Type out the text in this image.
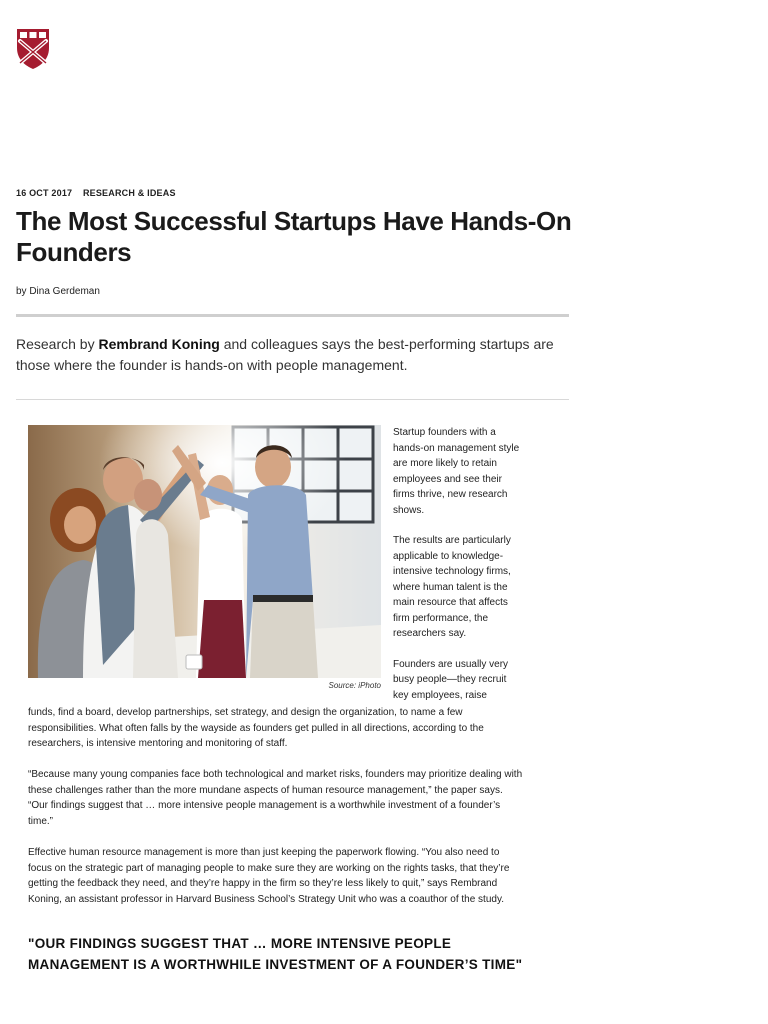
16 OCT 2017 RESEARCH & IDEAS
The Most Successful Startups Have Hands-On Founders
by Dina Gerdeman

Research by Rembrand Koning and colleagues says the best-performing startups are those where the founder is hands-on with people management.

Source: iPhoto

Startup founders with a hands-on management style are more likely to retain employees and see their firms thrive, new research shows.

The results are particularly applicable to knowledge-intensive technology firms, where human talent is the main resource that affects firm performance, the researchers say.

Founders are usually very busy people—they recruit key employees, raise

funds, find a board, develop partnerships, set strategy, and design the organization, to name a few responsibilities. What often falls by the wayside as founders get pulled in all directions, according to the researchers, is intensive mentoring and monitoring of staff.

“Because many young companies face both technological and market risks, founders may prioritize dealing with these challenges rather than the more mundane aspects of human resource management,” the paper says. “Our findings suggest that … more intensive people management is a worthwhile investment of a founder’s time.”

Effective human resource management is more than just keeping the paperwork flowing. “You also need to focus on the strategic part of managing people to make sure they are working on the rights tasks, that they’re getting the feedback they need, and they’re happy in the firm so they’re less likely to quit,” says Rembrand Koning, an assistant professor in Harvard Business School’s Strategy Unit who was a coauthor of the study.

"OUR FINDINGS SUGGEST THAT … MORE INTENSIVE PEOPLE MANAGEMENT IS A WORTHWHILE INVESTMENT OF A FOUNDER’S TIME"
